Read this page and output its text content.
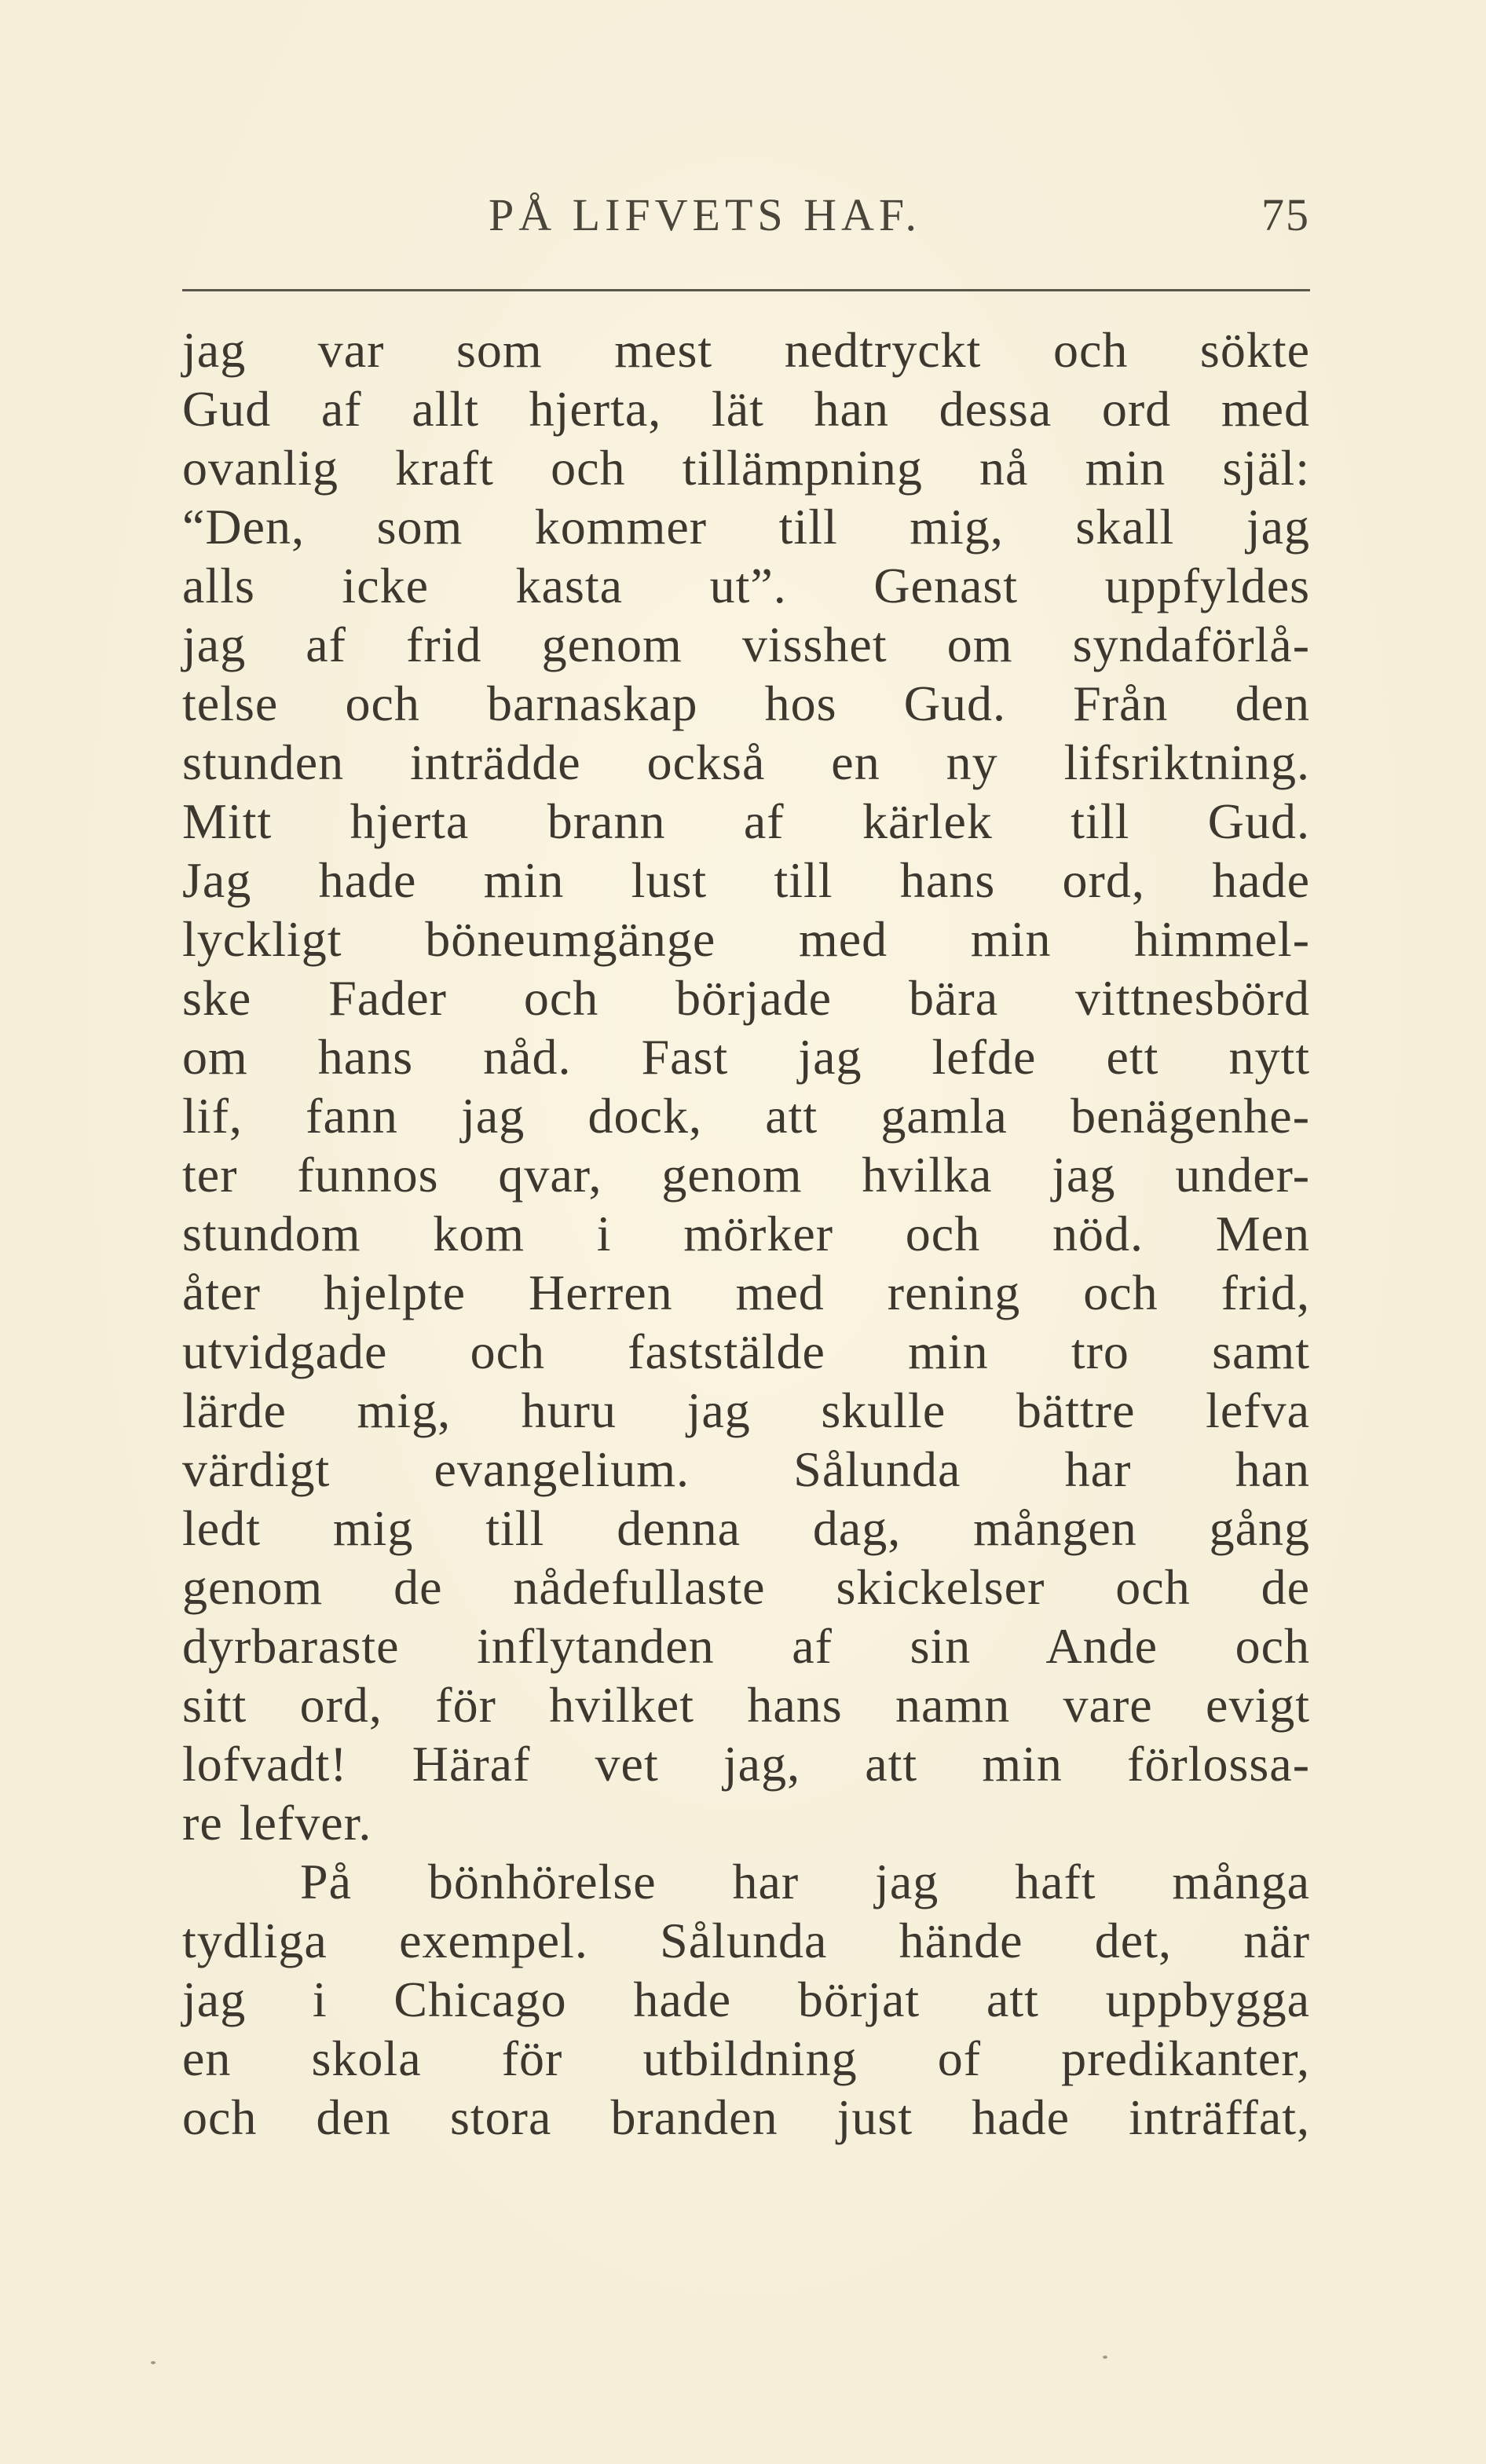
PÅ LIFVETS HAF.	75
jag var som mest nedtryckt och sökte
Gud af allt hjerta, lät han dessa ord med
ovanlig kraft och tillämpning nå min själ:
“Den, som kommer till mig, skall jag
alls icke kasta ut”. Genast uppfyldes
jag af frid genom visshet om syndaförlå-
telse och barnaskap hos Gud. Från den
stunden inträdde också en ny lifsriktning.
Mitt hjerta brann af kärlek till Gud.
Jag hade min lust till hans ord, hade
lyckligt böneumgänge med min himmel-
ske Fader och började bära vittnesbörd
om hans nåd. Fast jag lefde ett nytt
lif, fann jag dock, att gamla benägenhe-
ter funnos qvar, genom hvilka jag under-
stundom kom i mörker och nöd. Men
åter hjelpte Herren med rening och frid,
utvidgade och faststälde min tro samt
lärde mig, huru jag skulle bättre lefva
värdigt evangelium. Sålunda har han
ledt mig till denna dag, mången gång
genom de nådefullaste skickelser och de
dyrbaraste inflytanden af sin Ande och
sitt ord, för hvilket hans namn vare evigt
lofvadt! Häraf vet jag, att min förlossa-
re lefver.
På bönhörelse har jag haft många
tydliga exempel. Sålunda hände det, när
jag i Chicago hade börjat att uppbygga
en skola för utbildning of predikanter,
och den stora branden just hade inträffat,
